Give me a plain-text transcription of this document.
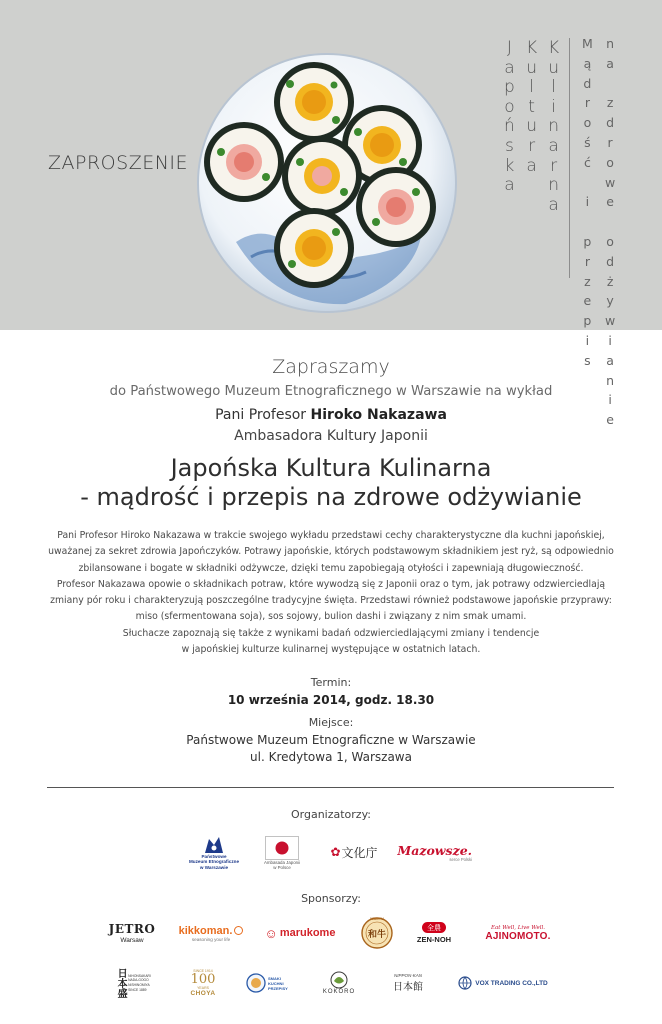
ZAPROSZENIE
J
a
p
o
ń
s
k
a
K
u
l
t
u
r
a
K
u
l
i
n
a
r
n
a
M
ą
d
r
o
ś
ć

i

p
r
z
e
p
i
s
n
a

z
d
r
o
w
e

o
d
ż
y
w
i
a
n
i
e
Zapraszamy
do Państwowego Muzeum Etnograficznego w Warszawie na wykład
Pani Profesor Hiroko Nakazawa
Ambasadora Kultury Japonii
Japońska Kultura Kulinarna
- mądrość i przepis na zdrowe odżywianie
Pani Profesor Hiroko Nakazawa w trakcie swojego wykładu przedstawi cechy charakterystyczne dla kuchni japońskiej,
uważanej za sekret zdrowia Japończyków. Potrawy japońskie, których podstawowym składnikiem jest ryż, są odpowiednio
zbilansowane i bogate w składniki odżywcze, dzięki temu zapobiegają otyłości i zapewniają długowieczność.
Profesor Nakazawa opowie o składnikach potraw, które wywodzą się z Japonii oraz o tym, jak potrawy odzwierciedlają
zmiany pór roku i charakteryzują poszczególne tradycyjne święta. Przedstawi również podstawowe japońskie przyprawy:
miso (sfermentowana soja), sos sojowy, bulion dashi i związany z nim smak umami.
Słuchacze zapoznają się także z wynikami badań odzwierciedlającymi zmiany i tendencje
w japońskiej kulturze kulinarnej występujące w ostatnich latach.
Termin:
10 września 2014, godz. 18.30
Miejsce:
Państwowe Muzeum Etnograficzne w Warszawie
ul. Kredytowa 1, Warszawa
Organizatorzy:
Państwowe
Muzeum Etnograficzne
w Warszawie
Ambasada Japonii
w Polsce
✿ 文化庁 Mazowsze.
serce Polski
Sponsorzy:
JETRO
Warsaw
kikkoman.
seasoning your life	☺ marukome
WAGYU
和牛
全農
ZEN-NOH
Eat Well, Live Well.
AJINOMOTO.
日本盛 NIHONSAKARI
NADA-GOGO
NISHINOMIYA
SINCE 1889
SINCE 1914
100
YEARS
CHOYA
SMAKI KUCHNI PRZEPISY
KOKORO
NIPPON-KAN
日本館	VOX TRADING CO.,LTD
